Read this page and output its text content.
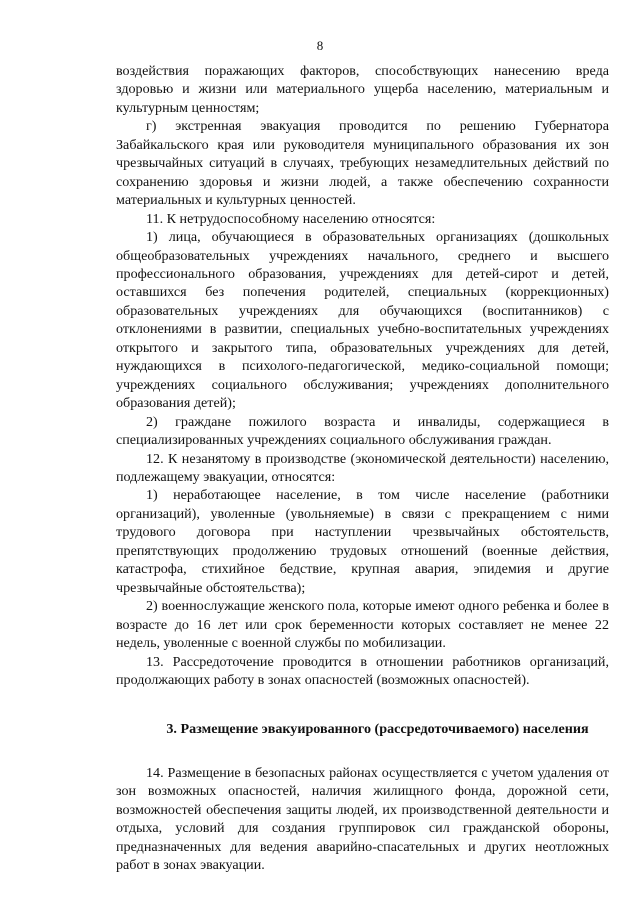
8

воздействия поражающих факторов, способствующих нанесению вреда здоровью и жизни или материального ущерба населению, материальным и культурным ценностям;

г) экстренная эвакуация проводится по решению Губернатора Забайкальского края или руководителя муниципального образования их зон чрезвычайных ситуаций в случаях, требующих незамедлительных действий по сохранению здоровья и жизни людей, а также обеспечению сохранности материальных и культурных ценностей.

11. К нетрудоспособному населению относятся:

1) лица, обучающиеся в образовательных организациях (дошкольных общеобразовательных учреждениях начального, среднего и высшего профессионального образования, учреждениях для детей-сирот и детей, оставшихся без попечения родителей, специальных (коррекционных) образовательных учреждениях для обучающихся (воспитанников) с отклонениями в развитии, специальных учебно-воспитательных учреждениях открытого и закрытого типа, образовательных учреждениях для детей, нуждающихся в психолого-педагогической, медико-социальной помощи; учреждениях социального обслуживания; учреждениях дополнительного образования детей);

2) граждане пожилого возраста и инвалиды, содержащиеся в специализированных учреждениях социального обслуживания граждан.

12. К незанятому в производстве (экономической деятельности) населению, подлежащему эвакуации, относятся:

1) неработающее население, в том числе население (работники организаций), уволенные (увольняемые) в связи с прекращением с ними трудового договора при наступлении чрезвычайных обстоятельств, препятствующих продолжению трудовых отношений (военные действия, катастрофа, стихийное бедствие, крупная авария, эпидемия и другие чрезвычайные обстоятельства);

2) военнослужащие женского пола, которые имеют одного ребенка и более в возрасте до 16 лет или срок беременности которых составляет не менее 22 недель, уволенные с военной службы по мобилизации.

13. Рассредоточение проводится в отношении работников организаций, продолжающих работу в зонах опасностей (возможных опасностей).

3. Размещение эвакуированного (рассредоточиваемого) населения

14. Размещение в безопасных районах осуществляется с учетом удаления от зон возможных опасностей, наличия жилищного фонда, дорожной сети, возможностей обеспечения защиты людей, их производственной деятельности и отдыха, условий для создания группировок сил гражданской обороны, предназначенных для ведения аварийно-спасательных и других неотложных работ в зонах эвакуации.
